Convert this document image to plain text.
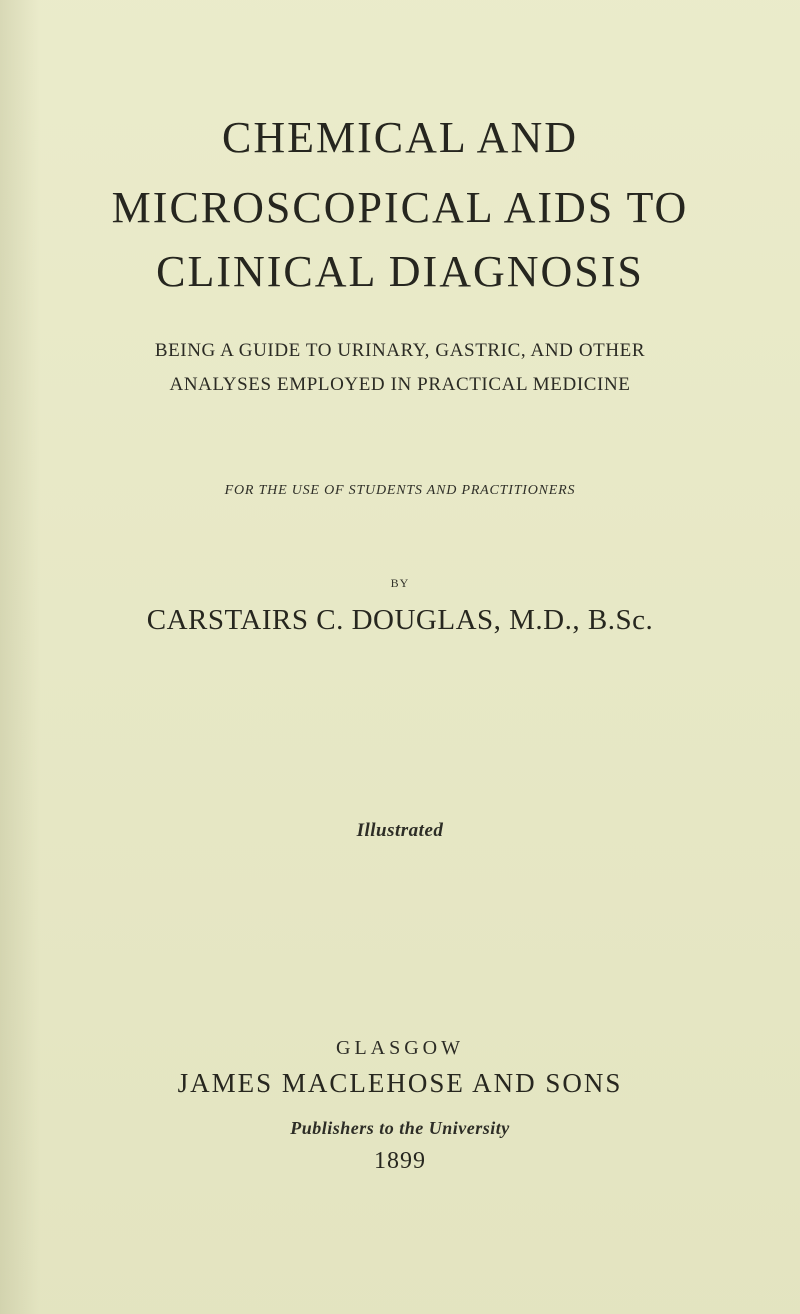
CHEMICAL AND
MICROSCOPICAL AIDS TO
CLINICAL DIAGNOSIS
BEING A GUIDE TO URINARY, GASTRIC, AND OTHER
ANALYSES EMPLOYED IN PRACTICAL MEDICINE
FOR THE USE OF STUDENTS AND PRACTITIONERS
BY
CARSTAIRS C. DOUGLAS, M.D., B.Sc.
Illustrated
GLASGOW
JAMES MACLEHOSE AND SONS
Publishers to the University
1899
